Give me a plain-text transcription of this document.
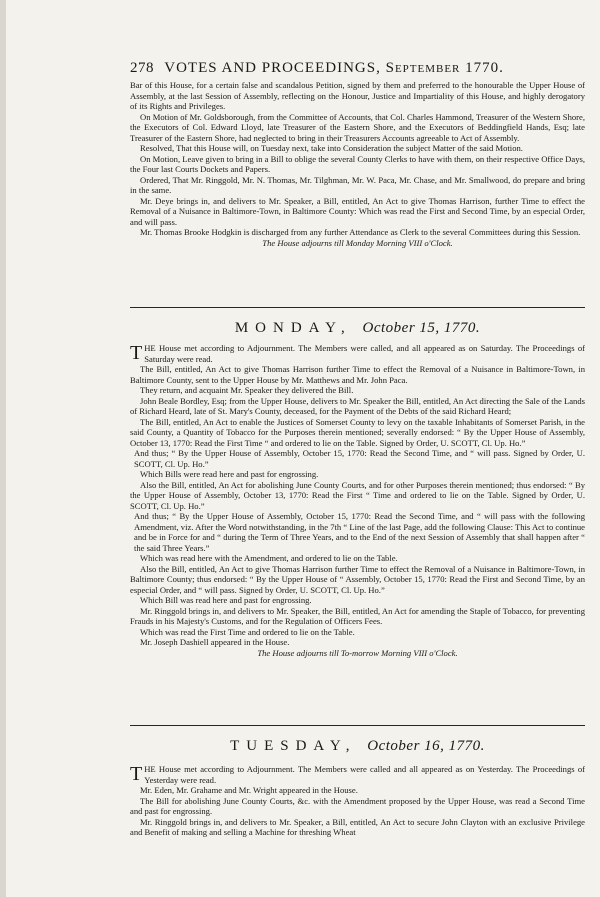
278 VOTES AND PROCEEDINGS, September 1770.

Bar of this House, for a certain false and scandalous Petition, signed by them and preferred to the honourable the Upper House of Assembly, at the last Session of Assembly, reflecting on the Honour, Justice and Impartiality of this House, and highly derogatory of its Rights and Privileges.

On Motion of Mr. Goldsborough, from the Committee of Accounts, that Col. Charles Hammond, Treasurer of the Western Shore, the Executors of Col. Edward Lloyd, late Treasurer of the Eastern Shore, and the Executors of Beddingfield Hands, Esq; late Treasurer of the Eastern Shore, had neglected to bring in their Treasurers Accounts agreeable to Act of Assembly.

Resolved, That this House will, on Tuesday next, take into Consideration the subject Matter of the said Motion.

On Motion, Leave given to bring in a Bill to oblige the several County Clerks to have with them, on their respective Office Days, the Four last Courts Dockets and Papers.

Ordered, That Mr. Ringgold, Mr. N. Thomas, Mr. Tilghman, Mr. W. Paca, Mr. Chase, and Mr. Smallwood, do prepare and bring in the same.

Mr. Deye brings in, and delivers to Mr. Speaker, a Bill, entitled, An Act to give Thomas Harrison, further Time to effect the Removal of a Nuisance in Baltimore-Town, in Baltimore County: Which was read the First and Second Time, by an especial Order, and will pass.

Mr. Thomas Brooke Hodgkin is discharged from any further Attendance as Clerk to the several Committees during this Session.

The House adjourns till Monday Morning VIII o'Clock.

MONDAY, October 15, 1770.

THE House met according to Adjournment. The Members were called, and all appeared as on Saturday. The Proceedings of Saturday were read.

The Bill, entitled, An Act to give Thomas Harrison further Time to effect the Removal of a Nuisance in Baltimore-Town, in Baltimore County, sent to the Upper House by Mr. Matthews and Mr. John Paca.

They return, and acquaint Mr. Speaker they delivered the Bill.

John Beale Bordley, Esq; from the Upper House, delivers to Mr. Speaker the Bill, entitled, An Act directing the Sale of the Lands of Richard Heard, late of St. Mary's County, deceased, for the Payment of the Debts of the said Richard Heard;

The Bill, entitled, An Act to enable the Justices of Somerset County to levy on the taxable Inhabitants of Somerset Parish, in the said County, a Quantity of Tobacco for the Purposes therein mentioned; severally endorsed: “ By the Upper House of Assembly, October 13, 1770: Read the First Time “ and ordered to lie on the Table. Signed by Order, U. SCOTT, Cl. Up. Ho.”

And thus; “ By the Upper House of Assembly, October 15, 1770: Read the Second Time, and “ will pass. Signed by Order, U. SCOTT, Cl. Up. Ho.”

Which Bills were read here and past for engrossing.

Also the Bill, entitled, An Act for abolishing June County Courts, and for other Purposes therein mentioned; thus endorsed: “ By the Upper House of Assembly, October 13, 1770: Read the First “ Time and ordered to lie on the Table. Signed by Order, U. SCOTT, Cl. Up. Ho.”

And thus; “ By the Upper House of Assembly, October 15, 1770: Read the Second Time, and “ will pass with the following Amendment, viz. After the Word notwithstanding, in the 7th “ Line of the last Page, add the following Clause: This Act to continue and be in Force for and “ during the Term of Three Years, and to the End of the next Session of Assembly that shall happen after “ the said Three Years.”

Which was read here with the Amendment, and ordered to lie on the Table.

Also the Bill, entitled, An Act to give Thomas Harrison further Time to effect the Removal of a Nuisance in Baltimore-Town, in Baltimore County; thus endorsed: “ By the Upper House of “ Assembly, October 15, 1770: Read the First and Second Time, by an especial Order, and “ will pass. Signed by Order, U. SCOTT, Cl. Up. Ho.”

Which Bill was read here and past for engrossing.

Mr. Ringgold brings in, and delivers to Mr. Speaker, the Bill, entitled, An Act for amending the Staple of Tobacco, for preventing Frauds in his Majesty's Customs, and for the Regulation of Officers Fees.

Which was read the First Time and ordered to lie on the Table.

Mr. Joseph Dashiell appeared in the House.

The House adjourns till To-morrow Morning VIII o'Clock.

TUESDAY, October 16, 1770.

THE House met according to Adjournment. The Members were called and all appeared as on Yesterday. The Proceedings of Yesterday were read.

Mr. Eden, Mr. Grahame and Mr. Wright appeared in the House.

The Bill for abolishing June County Courts, &c. with the Amendment proposed by the Upper House, was read a Second Time and past for engrossing.

Mr. Ringgold brings in, and delivers to Mr. Speaker, a Bill, entitled, An Act to secure John Clayton with an exclusive Privilege and Benefit of making and selling a Machine for threshing Wheat
